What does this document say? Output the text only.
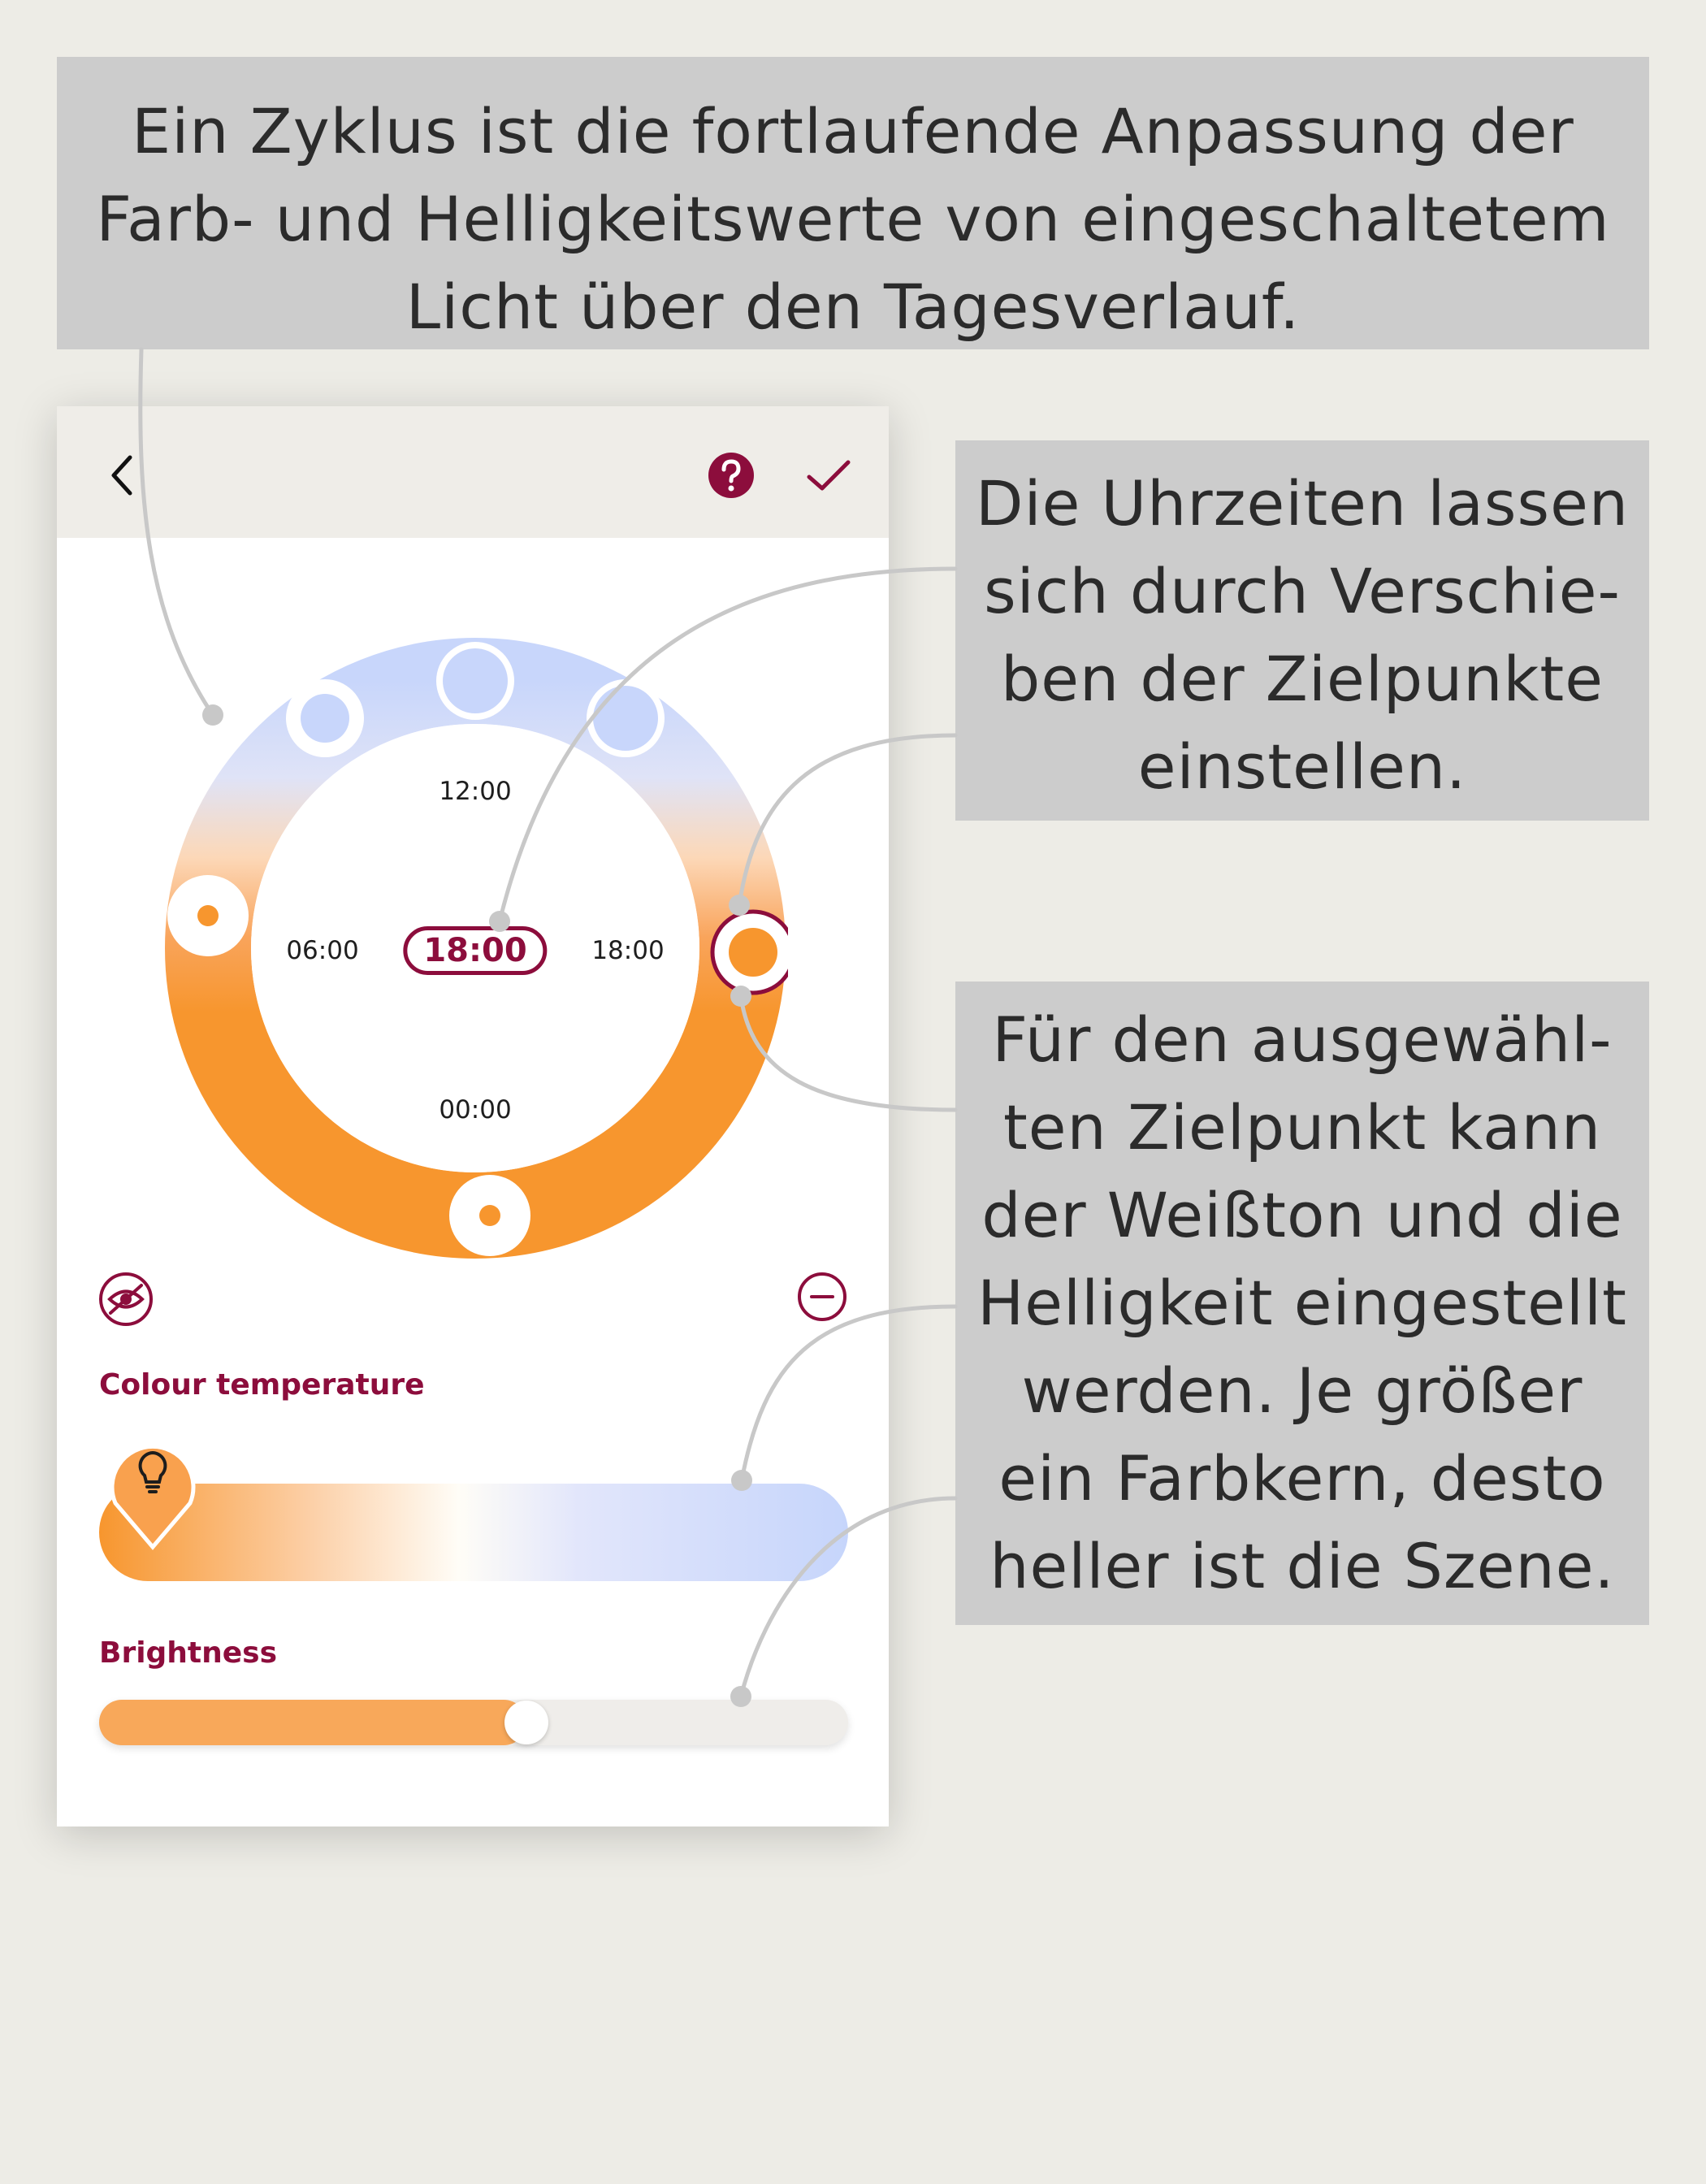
Ein Zyklus ist die fortlaufende Anpassung der
Farb- und Helligkeitswerte von eingeschaltetem
Licht über den Tagesverlauf.
Die Uhrzeiten lassen
sich durch Verschie-
ben der Zielpunkte
einstellen.
Für den ausgewähl-
ten Zielpunkt kann
der Weißton und die
Helligkeit eingestellt
werden. Je größer
ein Farbkern, desto
heller ist die Szene.
12:00
06:00	18:00
00:00
18:00
Colour temperature
Brightness
